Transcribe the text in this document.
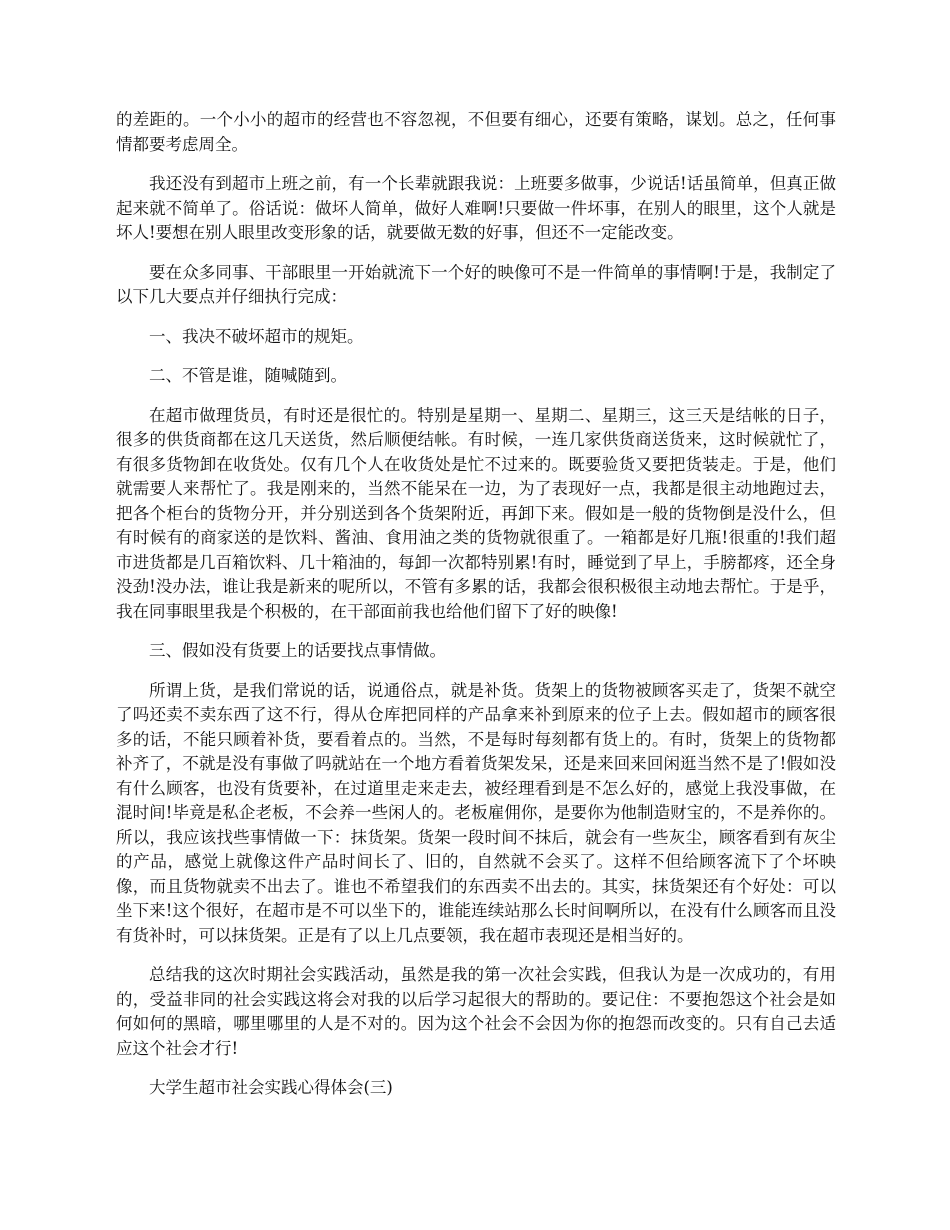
的差距的。一个小小的超市的经营也不容忽视，不但要有细心，还要有策略，谋划。总之，任何事情都要考虑周全。

我还没有到超市上班之前，有一个长辈就跟我说：上班要多做事，少说话!话虽简单，但真正做起来就不简单了。俗话说：做坏人简单，做好人难啊!只要做一件坏事，在别人的眼里，这个人就是坏人!要想在别人眼里改变形象的话，就要做无数的好事，但还不一定能改变。

要在众多同事、干部眼里一开始就流下一个好的映像可不是一件简单的事情啊!于是，我制定了以下几大要点并仔细执行完成：

一、我决不破坏超市的规矩。

二、不管是谁，随喊随到。

在超市做理货员，有时还是很忙的。特别是星期一、星期二、星期三，这三天是结帐的日子，很多的供货商都在这几天送货，然后顺便结帐。有时候，一连几家供货商送货来，这时候就忙了，有很多货物卸在收货处。仅有几个人在收货处是忙不过来的。既要验货又要把货装走。于是，他们就需要人来帮忙了。我是刚来的，当然不能呆在一边，为了表现好一点，我都是很主动地跑过去，把各个柜台的货物分开，并分别送到各个货架附近，再卸下来。假如是一般的货物倒是没什么，但有时候有的商家送的是饮料、酱油、食用油之类的货物就很重了。一箱都是好几瓶!很重的!我们超市进货都是几百箱饮料、几十箱油的，每卸一次都特别累!有时，睡觉到了早上，手膀都疼，还全身没劲!没办法，谁让我是新来的呢所以，不管有多累的话，我都会很积极很主动地去帮忙。于是乎，我在同事眼里我是个积极的，在干部面前我也给他们留下了好的映像!

三、假如没有货要上的话要找点事情做。

所谓上货，是我们常说的话，说通俗点，就是补货。货架上的货物被顾客买走了，货架不就空了吗还卖不卖东西了这不行，得从仓库把同样的产品拿来补到原来的位子上去。假如超市的顾客很多的话，不能只顾着补货，要看着点的。当然，不是每时每刻都有货上的。有时，货架上的货物都补齐了，不就是没有事做了吗就站在一个地方看着货架发呆，还是来回来回闲逛当然不是了!假如没有什么顾客，也没有货要补，在过道里走来走去，被经理看到是不怎么好的，感觉上我没事做，在混时间!毕竟是私企老板，不会养一些闲人的。老板雇佣你，是要你为他制造财宝的，不是养你的。所以，我应该找些事情做一下：抹货架。货架一段时间不抹后，就会有一些灰尘，顾客看到有灰尘的产品，感觉上就像这件产品时间长了、旧的，自然就不会买了。这样不但给顾客流下了个坏映像，而且货物就卖不出去了。谁也不希望我们的东西卖不出去的。其实，抹货架还有个好处：可以坐下来!这个很好，在超市是不可以坐下的，谁能连续站那么长时间啊所以，在没有什么顾客而且没有货补时，可以抹货架。正是有了以上几点要领，我在超市表现还是相当好的。

总结我的这次时期社会实践活动，虽然是我的第一次社会实践，但我认为是一次成功的，有用的，受益非同的社会实践这将会对我的以后学习起很大的帮助的。要记住：不要抱怨这个社会是如何如何的黑暗，哪里哪里的人是不对的。因为这个社会不会因为你的抱怨而改变的。只有自己去适应这个社会才行!

大学生超市社会实践心得体会(三)
